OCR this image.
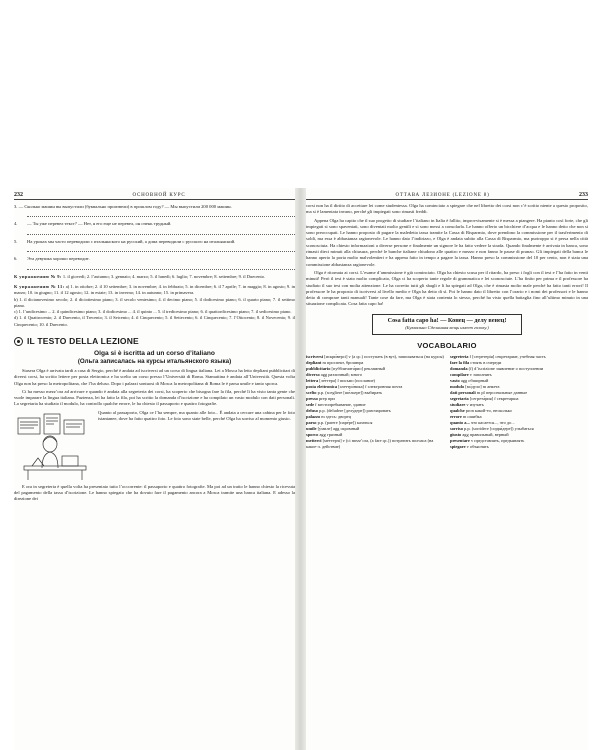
232	ОСНОВНОЙ КУРС
3. — Сколько машин вы выпустили (буквально произвели) в прошлом году? — Мы выпустили 200 000 машин.
4.	— Ты уже перевел текст? — Нет, я его еще не перевел, он очень трудный.
5.	На уроках мы часто переводили с итальянского на русский, а дома переводили с русского на итальянский.
6.	Эта девушка хорошо переводит.
К упражнению № 9: 1. il giovedì; 2. l’autunno; 3. gennaio; 4. marzo; 5. il lunedì; 6. luglio; 7. novembre; 8. settembre; 9. il Duecento.
К упражнению № 11: а) 1. in ottobre; 2. il 10 settembre; 3. in novembre; 4. in febbraio; 5. in dicembre; 6. il 7 aprile; 7. in maggio; 8. in agosto; 9. in marzo; 10. in giugno; 11. il 12 agosto; 12. in estate; 13. in inverno; 14. in autunno; 15. in primavera.
b) 1. il dicianovesimo secolo; 2. il diciottesimo piano; 3. il secolo ventesimo; 4. il decimo piano; 5. il dodicesimo piano; 6. il quarto piano; 7. il settimo piano.
c) 1. l’undicesimo ... 2. il quindicesimo piano; 3. il dodicesimo ... 4. il quinto ... 5. il tredicesimo piano; 6. il quattordicesimo piano; 7. il sedicesimo piano.
d) 1. il Quattrocento; 2. il Duecento, il Trecento; 3. il Seicento; 4. il Cinquecento; 5. il Settecento; 6. il Cinquecento; 7. l’Ottocento; 8. il Novecento; 9. il Cinquecento; 10. il Duecento.
IL TESTO DELLA LEZIONE
Olga si è iscritta ad un corso d’italiano
(Ольга записалась на курсы итальянского языка)
Stasera Olga è arrivata tardi a casa di Sergio, perché è andata ad iscriversi ad un corso di lingua italiana. Lei a Mosca ha letto depliant pubblicitari di diversi corsi, ha scritto lettere per posta elettronica e ha scelto un corso presso l’Università di Roma. Stamattina è andata all’Università. Questa volta Olga non ha preso la metropolitana, che l’ha deluso. Dopo i palazzi sontuosi di Mosca la metropolitana di Roma le è parsa umile e tanto sporca.
Ci ha messo mezz’ora ad arrivare e quando è andata alla segreteria dei corsi, ha scoperto che bisogna fare la fila, perché lì ha visto tanta gente che vuole imparare la lingua italiana. Pazienza, lei ha fatto la fila, poi ha scritto la domanda d’iscrizione e ha compilato un vasto modulo con dati personali. La segretaria ha studiato il modulo, ha controllo qualche errore, le ha chiesto il passaporto e quattro fotografie.
Quanto al passaporto, Olga ce l’ha sempre, ma quanto alle foto... È andata a cercare una cabina per le foto istantanee, dove ha fatto quattro foto. Le foto sono state belle, perché Olga ha sorriso al momento giusto.
E ora in segreteria è quella volta ha presentato tutto l’occorrente: il passaporto e quattro fotografie. Ma poi ad un tratto le hanno chiesto la ricevuta del pagamento della tassa d’iscrizione. Le hanno spiegato che ha dovuto fare il pagamento ancora a Mosca tramite una banca italiana. E adesso la direzione dei
ОТТАВА ЛЕЗИОНЕ (LEZIONE 8)	233
corsi non ha il diritto di accettare lei come studentessa. Olga ha cominciato a spiegare che nel libretto dei corsi non c’è scritto niente a questo proposito, ma si è lamentata invano, perché gli impiegati sono rimasti freddi.
Appena Olga ha capito che il suo progetto di studiare l’italiano in Italia è fallito, improvvisamente si è messa a piangere. Ha pianto così forte, che gli impiegati si sono spaventati, sono diventati molto gentili e si sono messi a consolarla. Le hanno offerto un bicchiere d’acqua e le hanno detto che non si sono preoccupati. Le hanno proposto di pagare la maledetta tassa tramite la Cassa di Risparmio, dove prendono la commissione per il trasferimento di soldi, ma essa è abbastanza ragionevole. Le hanno dato l’indirizzo, e Olga è andata subito alla Cassa di Risparmio, ma purtroppo si è persa nella città sconosciuta. Ha chiesto informazioni a diverse persone e finalmente un signore le ha fatto vedere la strada. Quando finalmente è arrivata in banca, sono rimasti dieci minuti alla chiusura, perché le banche italiane chiudono alle quattro e mezzo e non fanno le pause di pranzo. Gli impiegati della banca le hanno aperto la porta molto malvolentieri e ha appena fatto in tempo a pagare la tassa. Hanno preso la commissione del 10 per cento, non è stata una commissione abbastanza ragionevole.
Olga è ritornata ai corsi. L’esame d’ammissione è già cominciato. Olga ha chiesto scusa per il ritardo, ha preso i fogli con il test e l’ha fatto in venti minuti! Però il test è stato molto complicato, Olga ci ha scoperto tante regole di grammatica e lei sconosciute. L’ha finito per prima e il professore ha studiato il suo test con molta attenzione. Le ha corretto tutti gli sbagli e li ha spiegati ad Olga, che è rimasta molto male perché ha fatto tanti errori! Il professore le ha proposto di iscriversi al livello medio e Olga ha detto di sì. Poi le hanno dato il libretto con l’orario e i nomi dei professori e le hanno detto di comprare tanti manuali! Tante cose da fare, ma Olga è stata contenta lo stesso, perché ha visto quella battaglia fino all’ultimo minuto in una situazione complicata. Cosa fatta capo ha!
Cosa fatta capo ha! — Конец — делу венец!
(Буквально Сделанная вещь имеет голову.)
VOCABOLARIO
iscriversi [искри́версі] v (a qc.) поступать (в вуз), записываться (на курсы)
depliant m проспект, брошюра
pubblicitario [пуббличита́рио] рекламный
diverso agg различный; много
lettera [ле́ттера] f письмо (послание)
posta elettronica [элеттро́ника] f электронная почта
scelto p.p. (scegliere [ше́льере]) выбирать
presso prep при
sede f местопребывание, здание
deluso p.p. (deludere [делу́дере]) разочаровать
palazzo m здесь: дворец
parso p.p. (parere [паре́ре]) казаться
umile [у́миле] agg скромный
sporco agg грязный
metterci [ме́ттерчі] v (ci mezz’ora, (a fare qc.)) потратить полчаса (на какое-л. действие)
segreteria f [сегретерія] секретариат, учебная часть
fare la fila стоять в очереди
domanda (f) d’iscrizione заявление о поступлении
compilare v заполнять
vasto agg обширный
modulo [мо́дуло] m анкета
dati personali m pl персональные данные
segretaria [сегрета́рия] f секретарша
studiare v изучать
qualche pron какой-то, несколько
errore m ошибка
quanto a... что касается..., что до...
sorriso p.p. (sorridere [сорри́дере]) улыбаться
giusto agg правильный, верный
presentare v представлять, предъявлять
spiegare v объяснять
